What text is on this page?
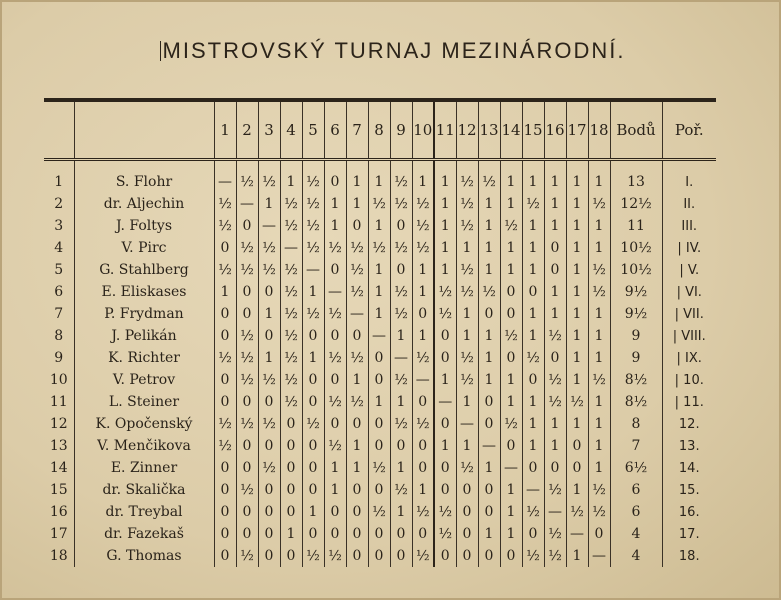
MISTROVSKÝ TURNAJ MEZINÁRODNÍ.
		1	2	3	4	5	6	7	8	9	10	11	12	13	14	15	16	17	18	Bodů	Poř.
1	S. Flohr	—	½	½	1	½	0	1	1	½	1	1	½	½	1	1	1	1	1	13	I.
2	dr. Aljechin	½	—	1	½	½	1	1	½	½	½	1	½	1	1	½	1	1	½	12½	II.
3	J. Foltys	½	0	—	½	½	1	0	1	0	½	1	½	1	½	1	1	1	1	11	III.
4	V. Pirc	0	½	½	—	½	½	½	½	½	½	1	1	1	1	1	0	1	1	10½	| IV.
5	G. Stahlberg	½	½	½	½	—	0	½	1	0	1	1	½	1	1	1	0	1	½	10½	| V.
6	E. Eliskases	1	0	0	½	1	—	½	1	½	1	½	½	½	0	0	1	1	½	9½	| VI.
7	P. Frydman	0	0	1	½	½	½	—	1	½	0	½	1	0	0	1	1	1	1	9½	| VII.
8	J. Pelikán	0	½	0	½	0	0	0	—	1	1	0	1	1	½	1	½	1	1	9	| VIII.
9	K. Richter	½	½	1	½	1	½	½	0	—	½	0	½	1	0	½	0	1	1	9	| IX.
10	V. Petrov	0	½	½	½	0	0	1	0	½	—	1	½	1	1	0	½	1	½	8½	| 10.
11	L. Steiner	0	0	0	½	0	½	½	1	1	0	—	1	0	1	1	½	½	1	8½	| 11.
12	K. Opočenský	½	½	½	0	½	0	0	0	½	½	0	—	0	½	1	1	1	1	8	12.
13	V. Menčikova	½	0	0	0	0	½	1	0	0	0	1	1	—	0	1	1	0	1	7	13.
14	E. Zinner	0	0	½	0	0	1	1	½	1	0	0	½	1	—	0	0	0	1	6½	14.
15	dr. Skalička	0	½	0	0	0	1	0	0	½	1	0	0	0	1	—	½	1	½	6	15.
16	dr. Treybal	0	0	0	0	1	0	0	½	1	½	½	0	0	1	½	—	½	½	6	16.
17	dr. Fazekaš	0	0	0	1	0	0	0	0	0	0	½	0	1	1	0	½	—	0	4	17.
18	G. Thomas	0	½	0	0	½	½	0	0	0	½	0	0	0	0	½	½	1	—	4	18.
